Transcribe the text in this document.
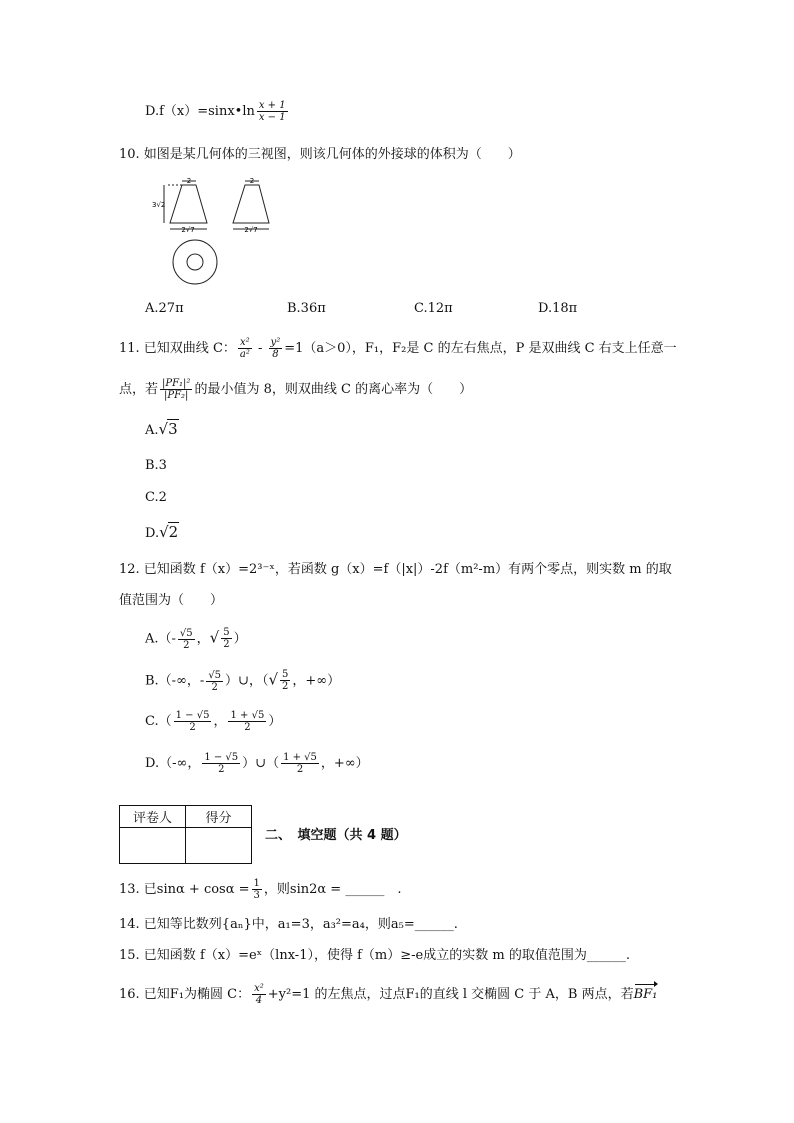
D.f（x）=sinx•ln $\frac{x + 1}{x - 1}$
10. 如图是某几何体的三视图，则该几何体的外接球的体积为（　　）
2
3√2
2√7
2
2√7
A.27π	B.36π	C.12π	D.18π
11. 已知双曲线 C： $\frac{\text{x²}}{\text{a²}} - \frac{\text{y²}}{8} =1(a>0)$，F₁，F₂是 C 的左右焦点，P 是双曲线 C 右支上任意一
点，若 $\frac{\text{|PF₁|²}}{\text{|PF₂|}}$ 的最小值为 8，则双曲线 C 的离心率为（　　）
A.√3
B.3
C.2
D.√2
12. 已知函数 f（x）=2³⁻ˣ，若函数 g（x）=f（|x|）-2f（m²-m）有两个零点，则实数 m 的取
值范围为（　　）
$A.(- \frac{√5}{2}$ ，√ $\frac{5}{2}$ ）
B.（-∞，- $\frac{√5}{2}$ ）∪，（√ $\frac{5}{2}$ ，+∞）
$C.( \frac{1 - √5}{2}$ ， $\frac{1 + √5}{2}$ ）
D.（-∞， $\frac{1 - √5}{2}$ ）∪（ $\frac{1 + √5}{2}$ ，+∞）
评卷人	得分

二、　填空题（共 4 题）
13. 已$\sin\alpha + \cos\alpha = \frac{1}{3}$ ，则sin2α = ______　.
14. 已知等比数列{aₙ}中，a₁=3，a₃²=a₄，则a₅=______.
15. 已知函数 f（x）=eˣ（lnx-1），使得 f（m）≥-e成立的实数 m 的取值范围为______.
16. 已知F₁为椭圆 C： $\frac{\text{x²}}{4} +y^2=1$ 的左焦点，过点F₁的直线 l 交椭圆 C 于 A，B 两点，若BF₁
